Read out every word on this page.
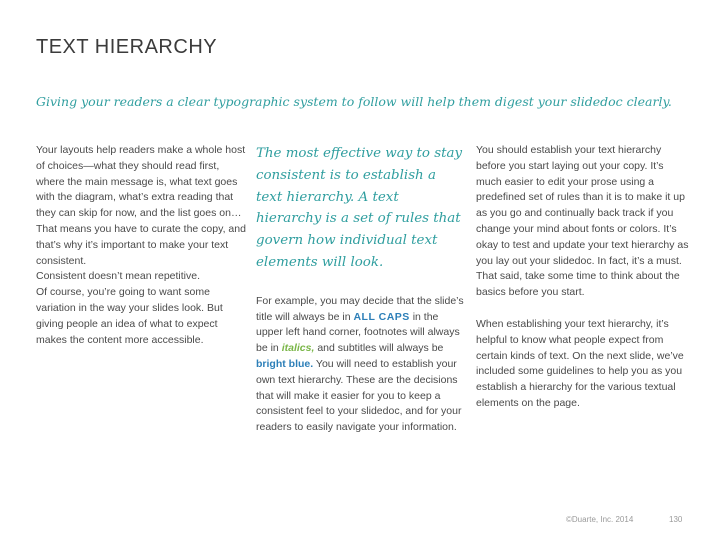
TEXT HIERARCHY
Giving your readers a clear typographic system to follow will help them digest your slidedoc clearly.

Your layouts help readers make a whole host of choices—what they should read first, where the main message is, what text goes with the diagram, what’s extra reading that they can skip for now, and the list goes on… That means you have to curate the copy, and that’s why it’s important to make your text consistent.

Consistent doesn’t mean repetitive.

Of course, you’re going to want some variation in the way your slides look. But giving people an idea of what to expect makes the content more accessible.

The most effective way to stay consistent is to establish a text hierarchy. A text hierarchy is a set of rules that govern how individual text elements will look.

For example, you may decide that the slide’s title will always be in ALL CAPS in the upper left hand corner, footnotes will always be in italics, and subtitles will always be bright blue. You will need to establish your own text hierarchy. These are the decisions that will make it easier for you to keep a consistent feel to your slidedoc, and for your readers to easily navigate your information.

You should establish your text hierarchy before you start laying out your copy. It’s much easier to edit your prose using a predefined set of rules than it is to make it up as you go and continually back track if you change your mind about fonts or colors. It’s okay to test and update your text hierarchy as you lay out your slidedoc. In fact, it’s a must. That said, take some time to think about the basics before you start.

When establishing your text hierarchy, it’s helpful to know what people expect from certain kinds of text. On the next slide, we’ve included some guidelines to help you as you establish a hierarchy for the various textual elements on the page.

©Duarte, Inc. 2014	130
